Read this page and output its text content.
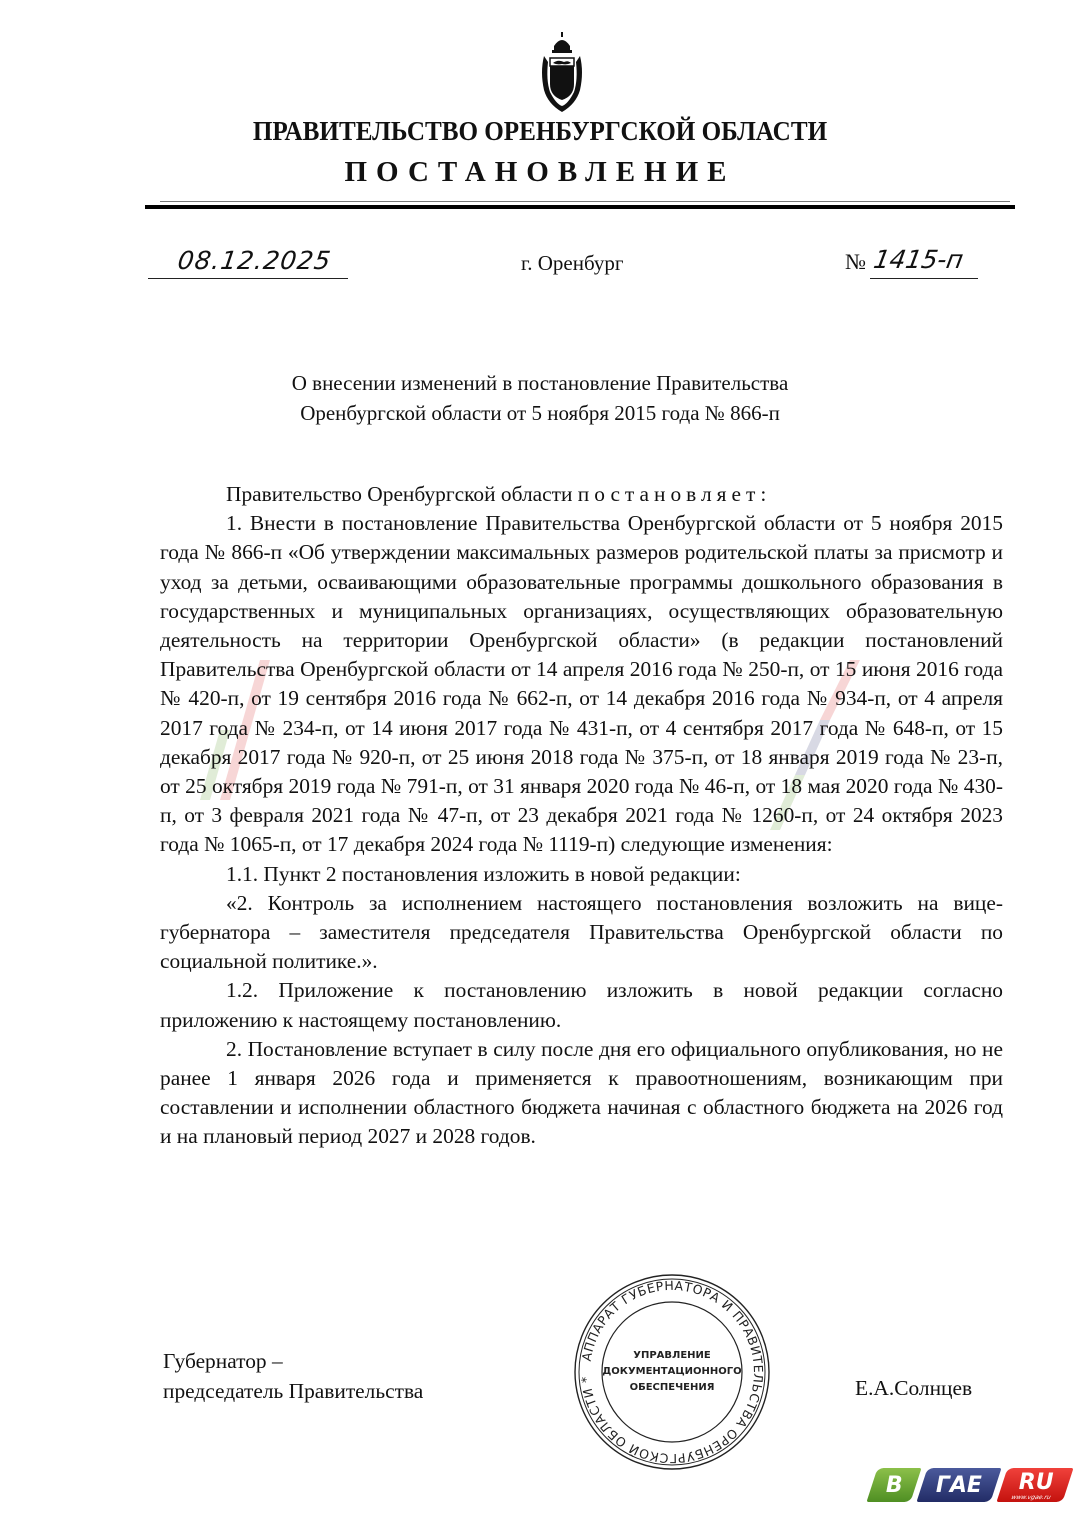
ПРАВИТЕЛЬСТВО ОРЕНБУРГСКОЙ ОБЛАСТИ
ПОСТАНОВЛЕНИЕ
08.12.2025	г. Оренбург	№ 1415-п
О внесении изменений в постановление Правительства
Оренбургской области от 5 ноября 2015 года № 866-п

Правительство Оренбургской области постановляет:

1. Внести в постановление Правительства Оренбургской области от 5 ноября 2015 года № 866-п «Об утверждении максимальных размеров родительской платы за присмотр и уход за детьми, осваивающими образовательные программы дошкольного образования в государственных и муниципальных организациях, осуществляющих образовательную деятельность на территории Оренбургской области» (в редакции постановлений Правительства Оренбургской области от 14 апреля 2016 года № 250-п, от 15 июня 2016 года № 420-п, от 19 сентября 2016 года № 662-п, от 14 декабря 2016 года № 934-п, от 4 апреля 2017 года № 234-п, от 14 июня 2017 года № 431-п, от 4 сентября 2017 года № 648-п, от 15 декабря 2017 года № 920-п, от 25 июня 2018 года № 375-п, от 18 января 2019 года № 23-п, от 25 октября 2019 года № 791-п, от 31 января 2020 года № 46-п, от 18 мая 2020 года № 430-п, от 3 февраля 2021 года № 47-п, от 23 декабря 2021 года № 1260-п, от 24 октября 2023 года № 1065-п, от 17 декабря 2024 года № 1119-п) следующие изменения:

1.1. Пункт 2 постановления изложить в новой редакции:

«2. Контроль за исполнением настоящего постановления возложить на вице-губернатора – заместителя председателя Правительства Оренбургской области по социальной политике.».

1.2. Приложение к постановлению изложить в новой редакции согласно приложению к настоящему постановлению.

2. Постановление вступает в силу после дня его официального опубликования, но не ранее 1 января 2026 года и применяется к правоотношениям, возникающим при составлении и исполнении областного бюджета начиная с областного бюджета на 2026 год и на плановый период 2027 и 2028 годов.

АППАРАТ ГУБЕРНАТОРА И ПРАВИТЕЛЬСТВА ОРЕНБУРГСКОЙ ОБЛАСТИ *
УПРАВЛЕНИЕ
ДОКУМЕНТАЦИОННОГО
ОБЕСПЕЧЕНИЯ
Губернатор –
председатель Правительства	Е.А.Солнцев
В ГАЕ RU
www.vgae.ru
